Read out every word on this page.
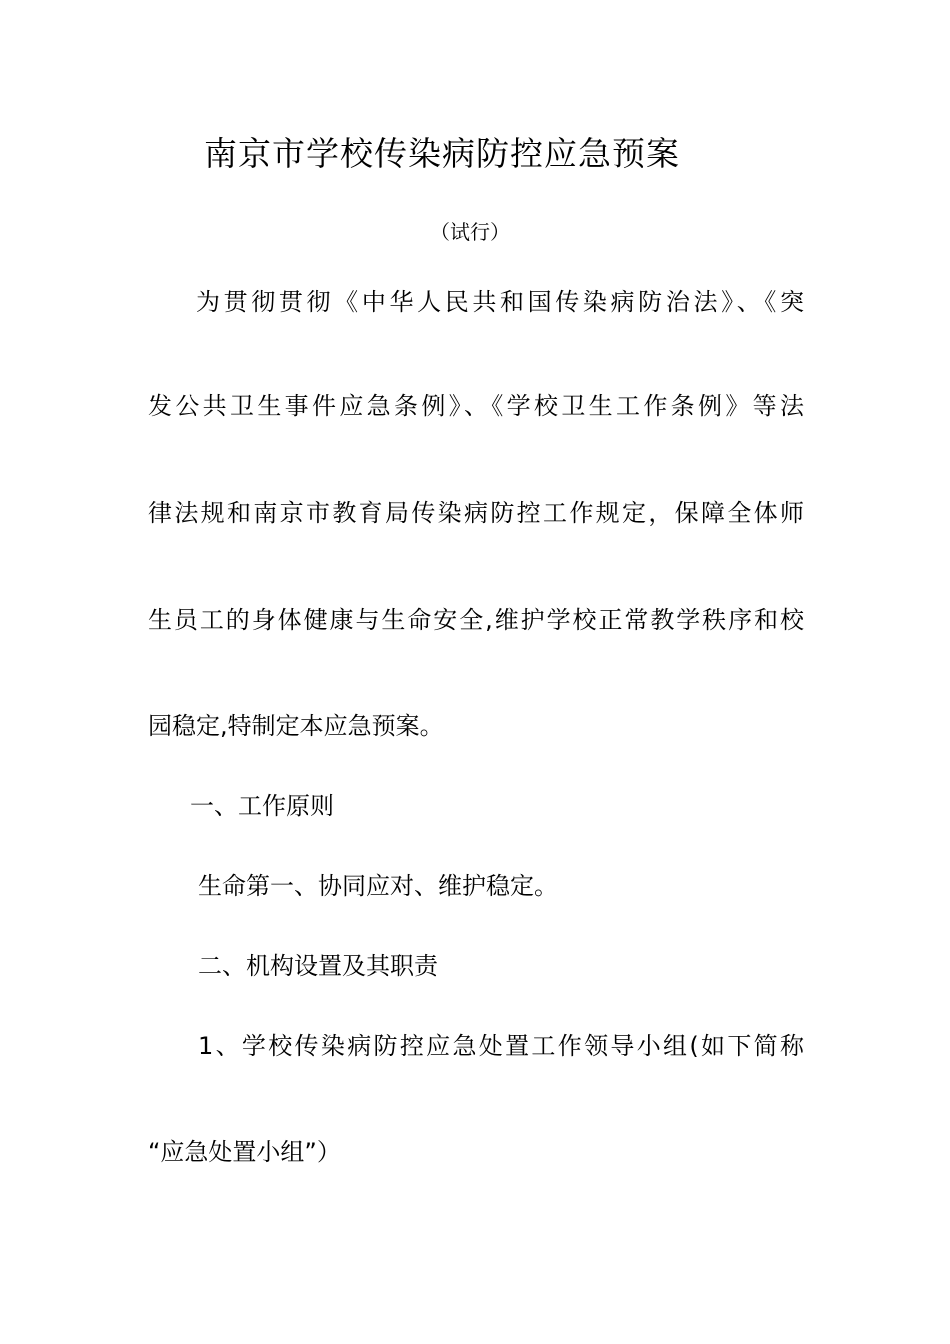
南京市学校传染病防控应急预案
（试行）
为贯彻贯彻《中华人民共和国传染病防治法》、《突
发公共卫生事件应急条例》、《学校卫生工作条例》等法
律法规和南京市教育局传染病防控工作规定，保障全体师
生员工的身体健康与生命安全,维护学校正常教学秩序和校
园稳定,特制定本应急预案。
一、工作原则
生命第一、协同应对、维护稳定。
二、机构设置及其职责
1、学校传染病防控应急处置工作领导小组(如下简称
“应急处置小组”）
